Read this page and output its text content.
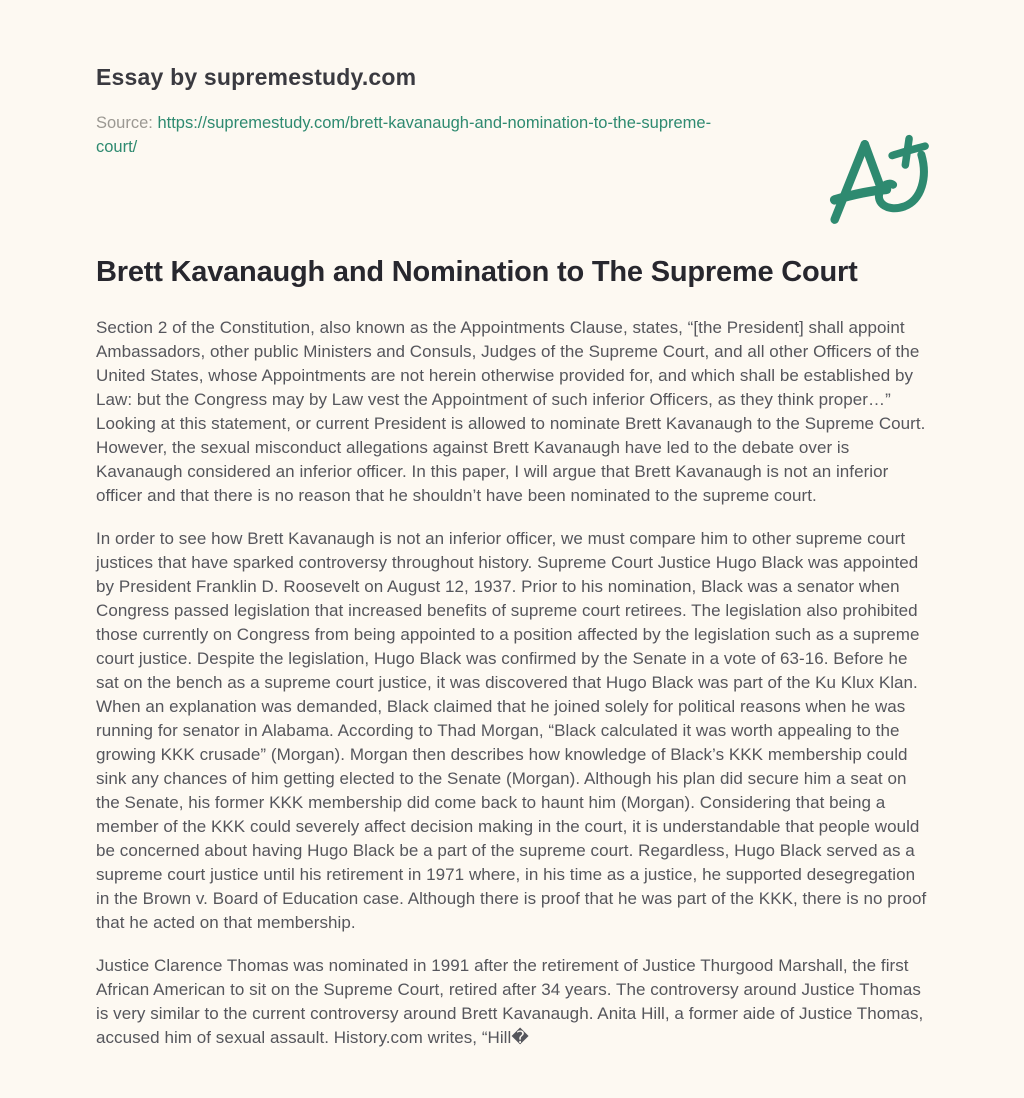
Essay by supremestudy.com
Source: https://supremestudy.com/brett-kavanaugh-and-nomination-to-the-supreme-court/
Brett Kavanaugh and Nomination to The Supreme Court

Section 2 of the Constitution, also known as the Appointments Clause, states, “[the President] shall appoint Ambassadors, other public Ministers and Consuls, Judges of the Supreme Court, and all other Officers of the United States, whose Appointments are not herein otherwise provided for, and which shall be established by Law: but the Congress may by Law vest the Appointment of such inferior Officers, as they think proper…” Looking at this statement, or current President is allowed to nominate Brett Kavanaugh to the Supreme Court. However, the sexual misconduct allegations against Brett Kavanaugh have led to the debate over is Kavanaugh considered an inferior officer. In this paper, I will argue that Brett Kavanaugh is not an inferior officer and that there is no reason that he shouldn’t have been nominated to the supreme court.

In order to see how Brett Kavanaugh is not an inferior officer, we must compare him to other supreme court justices that have sparked controversy throughout history. Supreme Court Justice Hugo Black was appointed by President Franklin D. Roosevelt on August 12, 1937. Prior to his nomination, Black was a senator when Congress passed legislation that increased benefits of supreme court retirees. The legislation also prohibited those currently on Congress from being appointed to a position affected by the legislation such as a supreme court justice. Despite the legislation, Hugo Black was confirmed by the Senate in a vote of 63-16. Before he sat on the bench as a supreme court justice, it was discovered that Hugo Black was part of the Ku Klux Klan. When an explanation was demanded, Black claimed that he joined solely for political reasons when he was running for senator in Alabama. According to Thad Morgan, “Black calculated it was worth appealing to the growing KKK crusade” (Morgan). Morgan then describes how knowledge of Black’s KKK membership could sink any chances of him getting elected to the Senate (Morgan). Although his plan did secure him a seat on the Senate, his former KKK membership did come back to haunt him (Morgan). Considering that being a member of the KKK could severely affect decision making in the court, it is understandable that people would be concerned about having Hugo Black be a part of the supreme court. Regardless, Hugo Black served as a supreme court justice until his retirement in 1971 where, in his time as a justice, he supported desegregation in the Brown v. Board of Education case. Although there is proof that he was part of the KKK, there is no proof that he acted on that membership.

Justice Clarence Thomas was nominated in 1991 after the retirement of Justice Thurgood Marshall, the first African American to sit on the Supreme Court, retired after 34 years. The controversy around Justice Thomas is very similar to the current controversy around Brett Kavanaugh. Anita Hill, a former aide of Justice Thomas, accused him of sexual assault. History.com writes, “Hill�
